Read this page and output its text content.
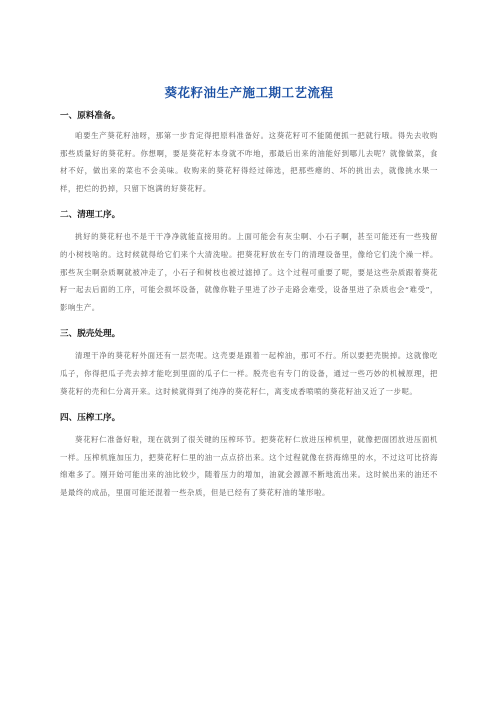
葵花籽油生产施工期工艺流程
一、原料准备。

咱要生产葵花籽油呀，那第一步肯定得把原料准备好。这葵花籽可不能随便抓一把就行哦。得先去收购那些质量好的葵花籽。你想啊，要是葵花籽本身就不咋地，那最后出来的油能好到哪儿去呢？就像做菜，食材不好，做出来的菜也不会美味。收购来的葵花籽得经过筛选，把那些瘪的、坏的挑出去，就像挑水果一样，把烂的扔掉，只留下饱满的好葵花籽。

二、清理工序。

挑好的葵花籽也不是干干净净就能直接用的。上面可能会有灰尘啊、小石子啊，甚至可能还有一些残留的小树枝啥的。这时候就得给它们来个大清洗啦。把葵花籽放在专门的清理设备里，像给它们洗个澡一样。那些灰尘啊杂质啊就被冲走了，小石子和树枝也被过滤掉了。这个过程可重要了呢，要是这些杂质跟着葵花籽一起去后面的工序，可能会损坏设备，就像你鞋子里进了沙子走路会难受，设备里进了杂质也会“难受”，影响生产。

三、脱壳处理。

清理干净的葵花籽外面还有一层壳呢。这壳要是跟着一起榨油，那可不行。所以要把壳脱掉。这就像吃瓜子，你得把瓜子壳去掉才能吃到里面的瓜子仁一样。脱壳也有专门的设备，通过一些巧妙的机械原理，把葵花籽的壳和仁分离开来。这时候就得到了纯净的葵花籽仁，离变成香喷喷的葵花籽油又近了一步呢。

四、压榨工序。

葵花籽仁准备好啦，现在就到了很关键的压榨环节。把葵花籽仁放进压榨机里，就像把面团放进压面机一样。压榨机施加压力，把葵花籽仁里的油一点点挤出来。这个过程就像在挤海绵里的水，不过这可比挤海绵难多了。刚开始可能出来的油比较少，随着压力的增加，油就会源源不断地流出来。这时候出来的油还不是最终的成品，里面可能还混着一些杂质，但是已经有了葵花籽油的雏形啦。
